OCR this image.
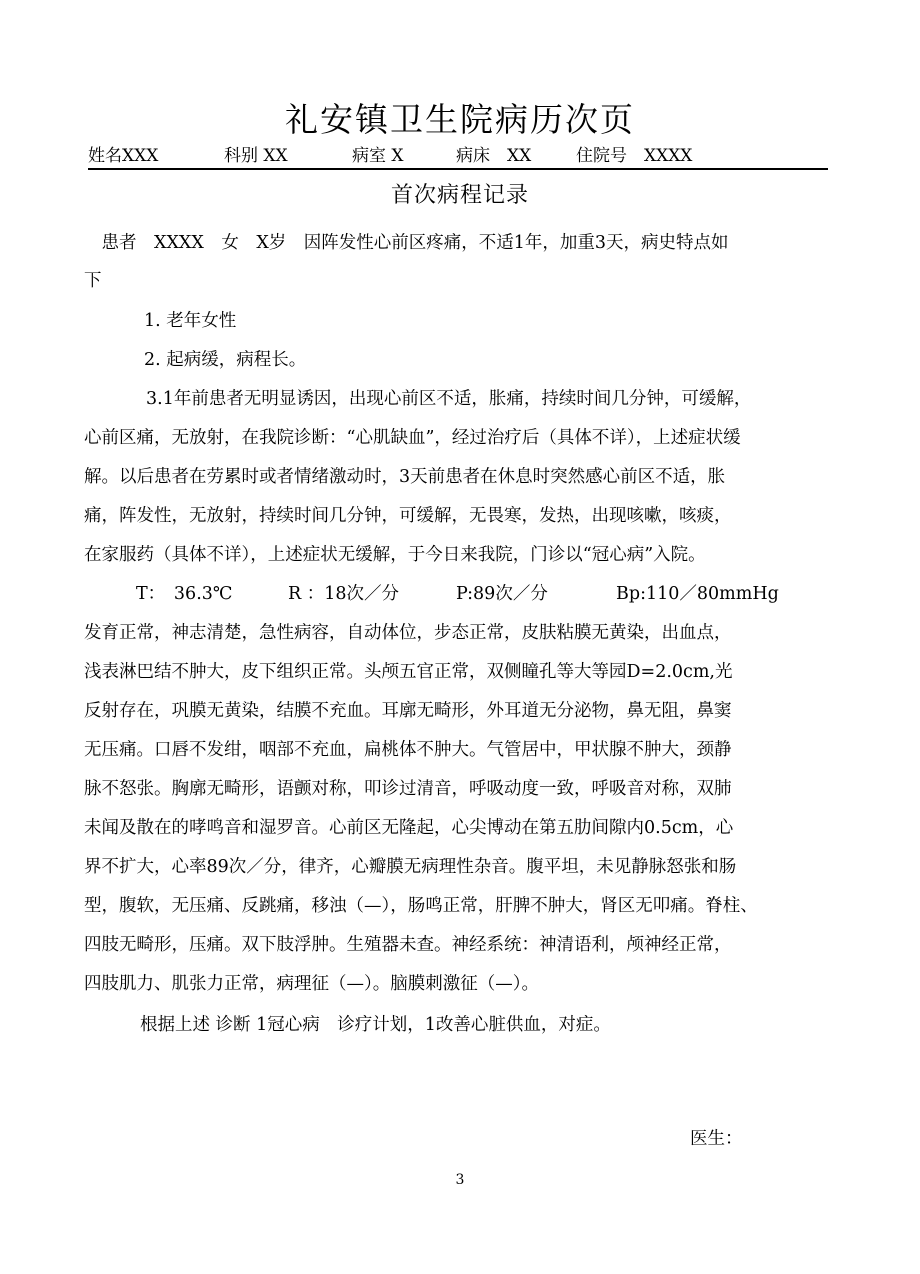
礼安镇卫生院病历次页
姓名XXX	科别 XX	病室 X	病床　XX	住院号　XXXX
首次病程记录
　患者　XXXX　女　X岁　因阵发性心前区疼痛，不适1年，加重3天，病史特点如
下
1. 老年女性
2. 起病缓，病程长。
3.1年前患者无明显诱因，出现心前区不适，胀痛，持续时间几分钟，可缓解，
心前区痛，无放射，在我院诊断：“心肌缺血”，经过治疗后（具体不详），上述症状缓
解。以后患者在劳累时或者情绪激动时，3天前患者在休息时突然感心前区不适，胀
痛，阵发性，无放射，持续时间几分钟，可缓解，无畏寒，发热，出现咳嗽，咳痰，
在家服药（具体不详），上述症状无缓解，于今日来我院，门诊以“冠心病”入院。

T：　36.3℃

	R ：18次／分

	P:89次／分

	Bp:110／80mmHg

发育正常，神志清楚，急性病容，自动体位，步态正常，皮肤粘膜无黄染，出血点，
浅表淋巴结不肿大，皮下组织正常。头颅五官正常，双侧瞳孔等大等园D=2.0cm,光
反射存在，巩膜无黄染，结膜不充血。耳廓无畸形，外耳道无分泌物，鼻无阻，鼻窦
无压痛。口唇不发绀，咽部不充血，扁桃体不肿大。气管居中，甲状腺不肿大，颈静
脉不怒张。胸廓无畸形，语颤对称，叩诊过清音，呼吸动度一致，呼吸音对称，双肺
未闻及散在的哮鸣音和湿罗音。心前区无隆起，心尖博动在第五肋间隙内0.5cm，心
界不扩大，心率89次／分，律齐，心瓣膜无病理性杂音。腹平坦，未见静脉怒张和肠
型，腹软，无压痛、反跳痛，移浊（—），肠鸣正常，肝脾不肿大，肾区无叩痛。脊柱、
四肢无畸形，压痛。双下肢浮肿。生殖器未查。神经系统：神清语利，颅神经正常，
四肢肌力、肌张力正常，病理征（—）。脑膜刺激征（—）。
根据上述 诊断 1冠心病　诊疗计划，1改善心脏供血，对症。
医生：
3
